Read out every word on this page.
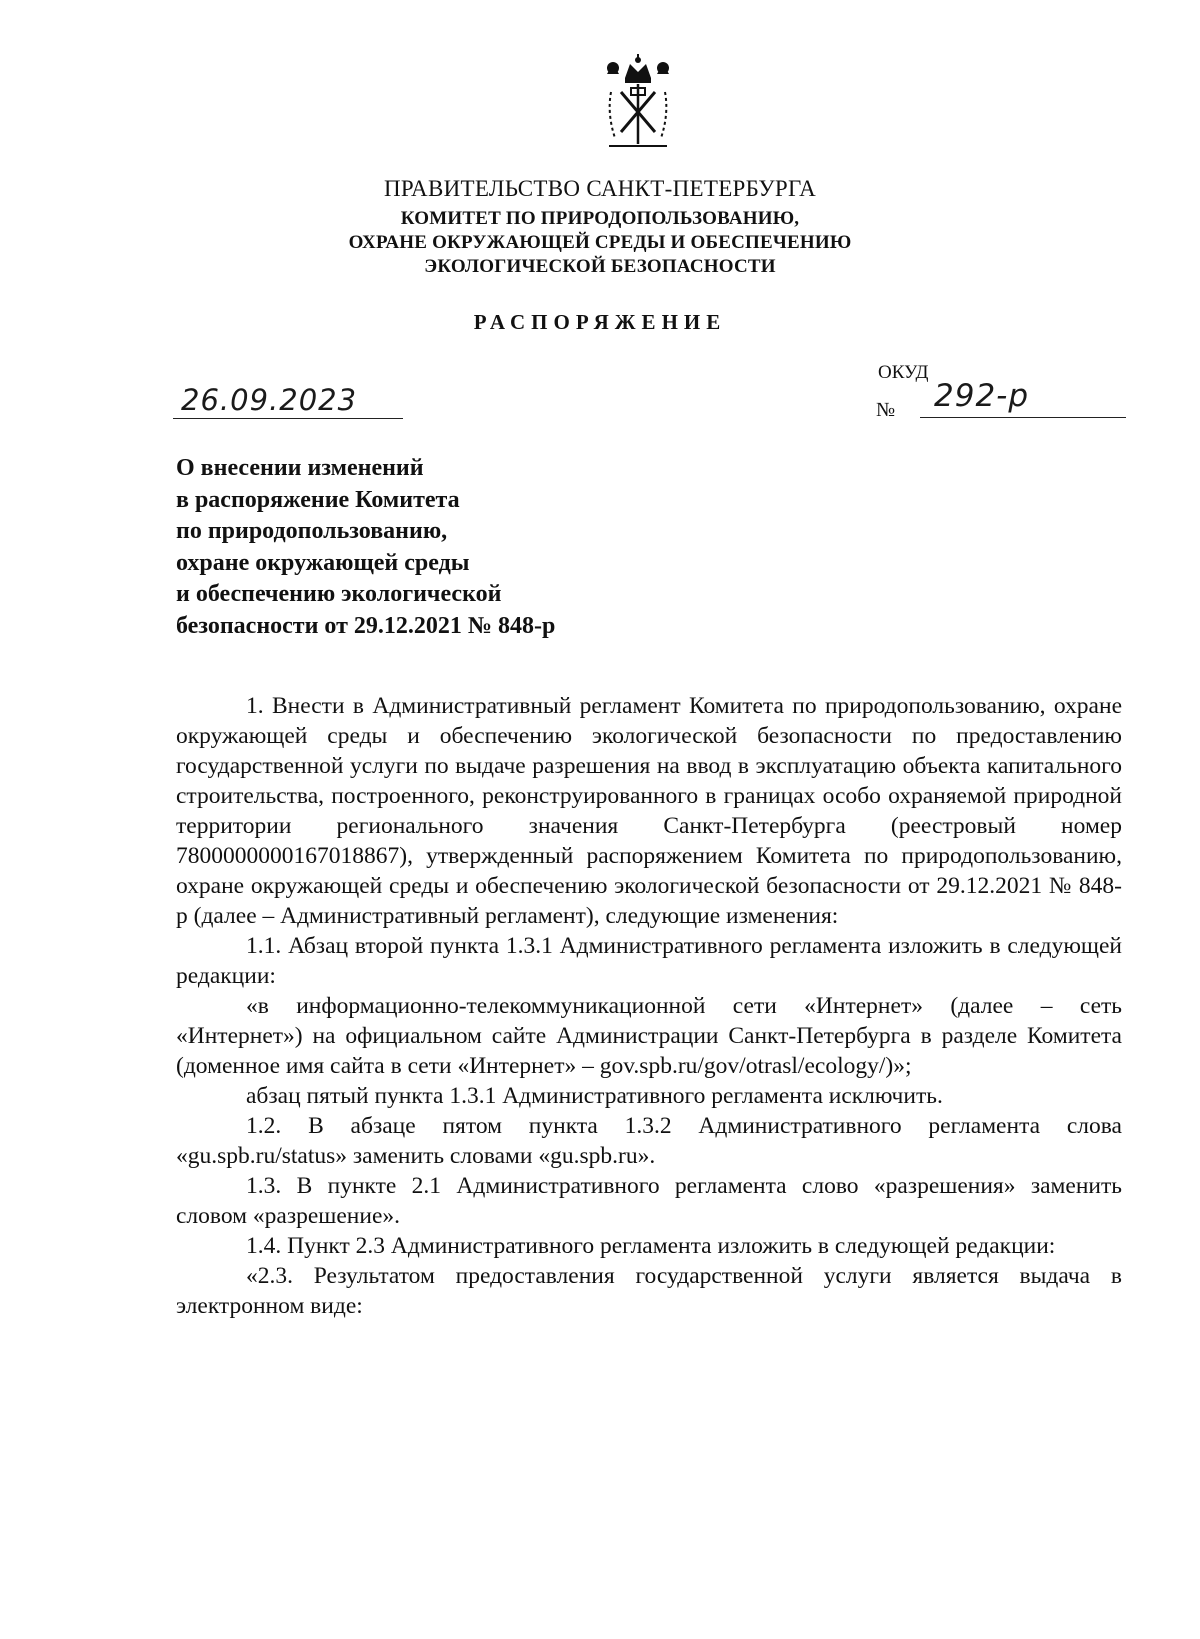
ПРАВИТЕЛЬСТВО САНКТ-ПЕТЕРБУРГА
КОМИТЕТ ПО ПРИРОДОПОЛЬЗОВАНИЮ,
ОХРАНЕ ОКРУЖАЮЩЕЙ СРЕДЫ И ОБЕСПЕЧЕНИЮ
ЭКОЛОГИЧЕСКОЙ БЕЗОПАСНОСТИ
РАСПОРЯЖЕНИЕ
26.09.2023
ОКУД
№ 292-р
О внесении изменений
в распоряжение Комитета
по природопользованию,
охране окружающей среды
и обеспечению экологической
безопасности от 29.12.2021 № 848-р

1. Внести в Административный регламент Комитета по природопользованию, охране окружающей среды и обеспечению экологической безопасности по предоставлению государственной услуги по выдаче разрешения на ввод в эксплуатацию объекта капитального строительства, построенного, реконструированного в границах особо охраняемой природной территории регионального значения Санкт-Петербурга (реестровый номер 7800000000167018867), утвержденный распоряжением Комитета по природопользованию, охране окружающей среды и обеспечению экологической безопасности от 29.12.2021 № 848-р (далее – Административный регламент), следующие изменения:

1.1. Абзац второй пункта 1.3.1 Административного регламента изложить в следующей редакции:

«в информационно-телекоммуникационной сети «Интернет» (далее – сеть «Интернет») на официальном сайте Администрации Санкт-Петербурга в разделе Комитета (доменное имя сайта в сети «Интернет» – gov.spb.ru/gov/otrasl/ecology/)»;

абзац пятый пункта 1.3.1 Административного регламента исключить.

1.2. В абзаце пятом пункта 1.3.2 Административного регламента слова «gu.spb.ru/status» заменить словами «gu.spb.ru».

1.3. В пункте 2.1 Административного регламента слово «разрешения» заменить словом «разрешение».

1.4. Пункт 2.3 Административного регламента изложить в следующей редакции:

«2.3. Результатом предоставления государственной услуги является выдача в электронном виде:
